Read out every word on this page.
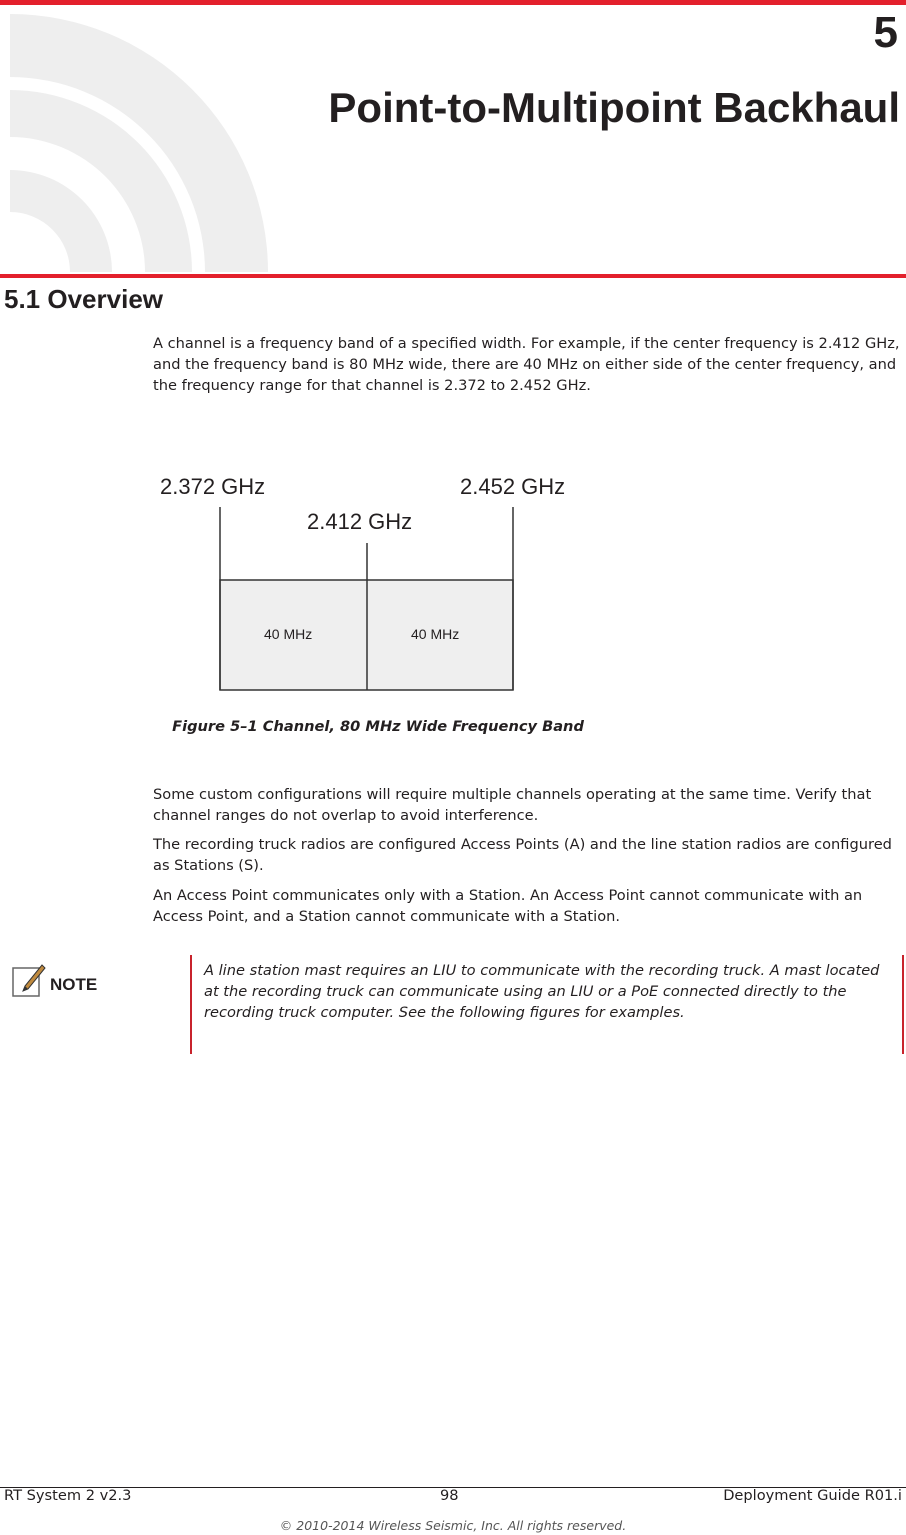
5
Point-to-Multipoint Backhaul
5.1 Overview

A channel is a frequency band of a specified width. For example, if the center frequency is 2.412 GHz, and the frequency band is 80 MHz wide, there are 40 MHz on either side of the center frequency, and the frequency range for that channel is 2.372 to 2.452 GHz.

2.372 GHz	2.452 GHz
2.412 GHz
40 MHz	40 MHz
Figure 5–1 Channel, 80 MHz Wide Frequency Band

Some custom configurations will require multiple channels operating at the same time. Verify that channel ranges do not overlap to avoid interference.

The recording truck radios are configured Access Points (A) and the line station radios are configured as Stations (S).

An Access Point communicates only with a Station. An Access Point cannot communicate with an Access Point, and a Station cannot communicate with a Station.

NOTE

A line station mast requires an LIU to communicate with the recording truck. A mast located at the recording truck can communicate using an LIU or a PoE connected directly to the recording truck computer. See the following figures for examples.

RT System 2 v2.3	98	Deployment Guide R01.i
© 2010-2014 Wireless Seismic, Inc. All rights reserved.
